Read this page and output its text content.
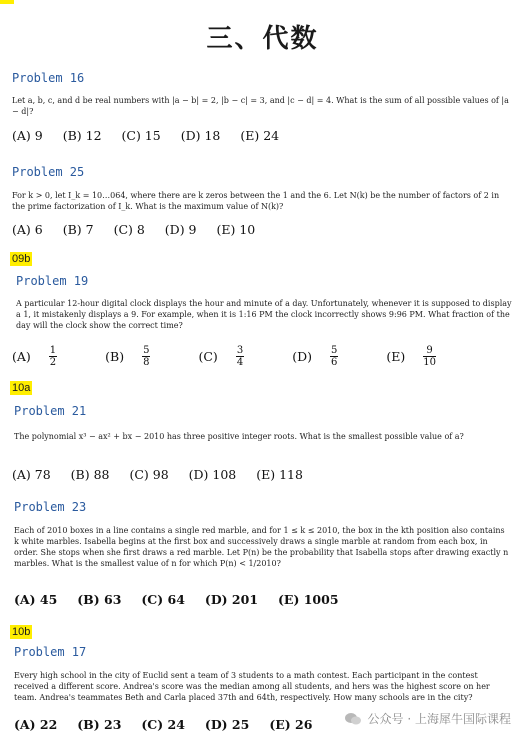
三、代数
Problem 16
Let a, b, c, and d be real numbers with |a − b| = 2, |b − c| = 3, and |c − d| = 4. What is the sum of all possible values of |a − d|?
(A) 9 (B) 12 (C) 15 (D) 18 (E) 24
Problem 25
For k > 0, let I_k = 10…064, where there are k zeros between the 1 and the 6. Let N(k) be the number of factors of 2 in the prime factorization of I_k. What is the maximum value of N(k)?
(A) 6 (B) 7 (C) 8 (D) 9 (E) 10
09b
Problem 19
A particular 12-hour digital clock displays the hour and minute of a day. Unfortunately, whenever it is supposed to display a 1, it mistakenly displays a 9. For example, when it is 1:16 PM the clock incorrectly shows 9:96 PM. What fraction of the day will the clock show the correct time?
$(A) \frac{1}{2}$	$(B) \frac{5}{8}$	$(C) \frac{3}{4}$	$(D) \frac{5}{6}$	$(E) \frac{9}{10}$
10a
Problem 21
The polynomial x³ − ax² + bx − 2010 has three positive integer roots. What is the smallest possible value of a?
(A) 78 (B) 88 (C) 98 (D) 108 (E) 118
Problem 23
Each of 2010 boxes in a line contains a single red marble, and for 1 ≤ k ≤ 2010, the box in the kth position also contains k white marbles. Isabella begins at the first box and successively draws a single marble at random from each box, in order. She stops when she first draws a red marble. Let P(n) be the probability that Isabella stops after drawing exactly n marbles. What is the smallest value of n for which P(n) < 1/2010?
(A) 45 (B) 63 (C) 64 (D) 201 (E) 1005
10b
Problem 17
Every high school in the city of Euclid sent a team of 3 students to a math contest. Each participant in the contest received a different score. Andrea's score was the median among all students, and hers was the highest score on her team. Andrea's teammates Beth and Carla placed 37th and 64th, respectively. How many schools are in the city?
(A) 22 (B) 23 (C) 24 (D) 25 (E) 26	公众号 · 上海犀牛国际课程
